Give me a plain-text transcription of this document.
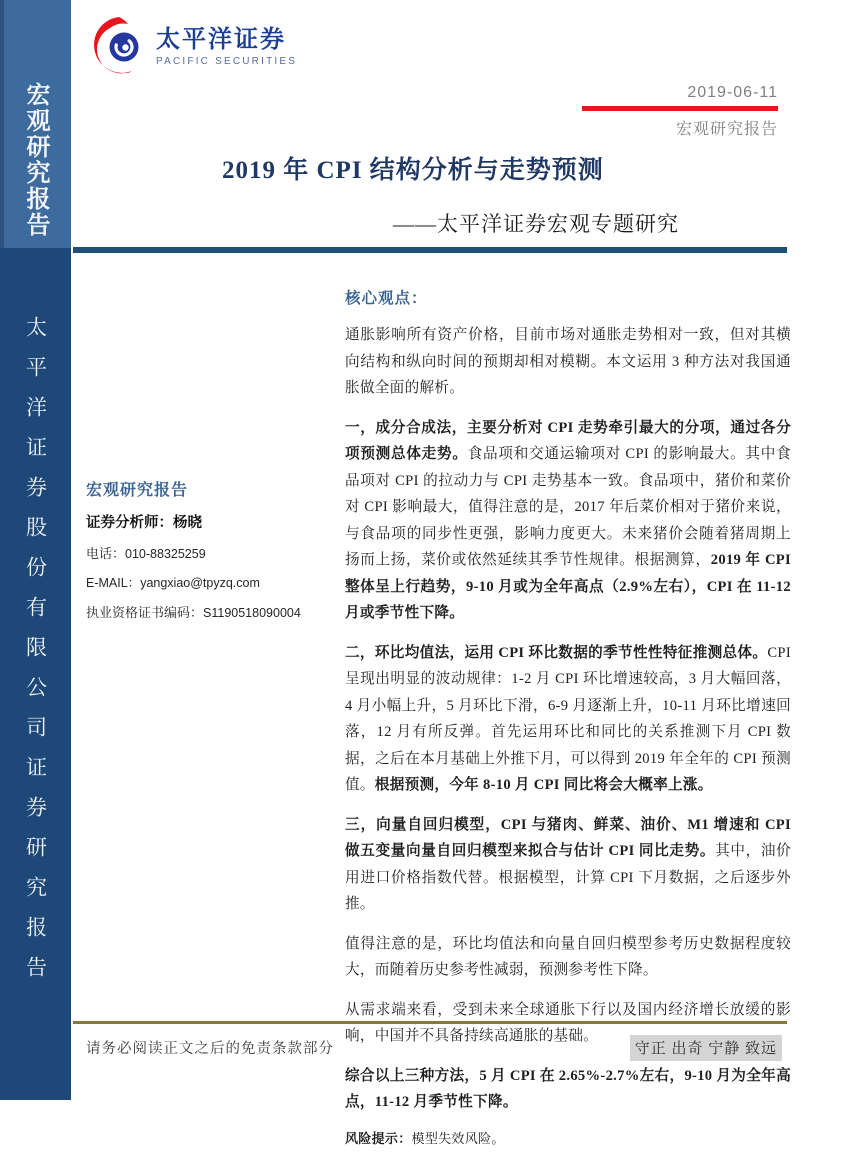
宏观研究报告
太平洋证券股份有限公司证券研究报告
太平洋证券
PACIFIC SECURITIES
2019-06-11
宏观研究报告
2019 年 CPI 结构分析与走势预测
——太平洋证券宏观专题研究
宏观研究报告
证券分析师：杨晓
电话：010-88325259
E-MAIL：yangxiao@tpyzq.com
执业资格证书编码：S1190518090004
核心观点：

通胀影响所有资产价格，目前市场对通胀走势相对一致，但对其横向结构和纵向时间的预期却相对模糊。本文运用 3 种方法对我国通胀做全面的解析。

一，成分合成法，主要分析对 CPI 走势牵引最大的分项，通过各分项预测总体走势。食品项和交通运输项对 CPI 的影响最大。其中食品项对 CPI 的拉动力与 CPI 走势基本一致。食品项中，猪价和菜价对 CPI 影响最大，值得注意的是，2017 年后菜价相对于猪价来说，与食品项的同步性更强，影响力度更大。未来猪价会随着猪周期上扬而上扬，菜价或依然延续其季节性规律。根据测算，2019 年 CPI 整体呈上行趋势，9-10 月或为全年高点（2.9%左右），CPI 在 11-12 月或季节性下降。

二，环比均值法，运用 CPI 环比数据的季节性性特征推测总体。CPI 呈现出明显的波动规律：1-2 月 CPI 环比增速较高，3 月大幅回落，4 月小幅上升，5 月环比下滑，6-9 月逐渐上升，10-11 月环比增速回落，12 月有所反弹。首先运用环比和同比的关系推测下月 CPI 数据，之后在本月基础上外推下月，可以得到 2019 年全年的 CPI 预测值。根据预测，今年 8-10 月 CPI 同比将会大概率上涨。

三，向量自回归模型，CPI 与猪肉、鲜菜、油价、M1 增速和 CPI 做五变量向量自回归模型来拟合与估计 CPI 同比走势。其中，油价用进口价格指数代替。根据模型，计算 CPI 下月数据，之后逐步外推。

值得注意的是，环比均值法和向量自回归模型参考历史数据程度较大，而随着历史参考性减弱，预测参考性下降。

从需求端来看，受到未来全球通胀下行以及国内经济增长放缓的影响，中国并不具备持续高通胀的基础。

综合以上三种方法，5 月 CPI 在 2.65%-2.7%左右，9-10 月为全年高点，11-12 月季节性下降。

风险提示：模型失效风险。

请务必阅读正文之后的免责条款部分	守正 出奇 宁静 致远
